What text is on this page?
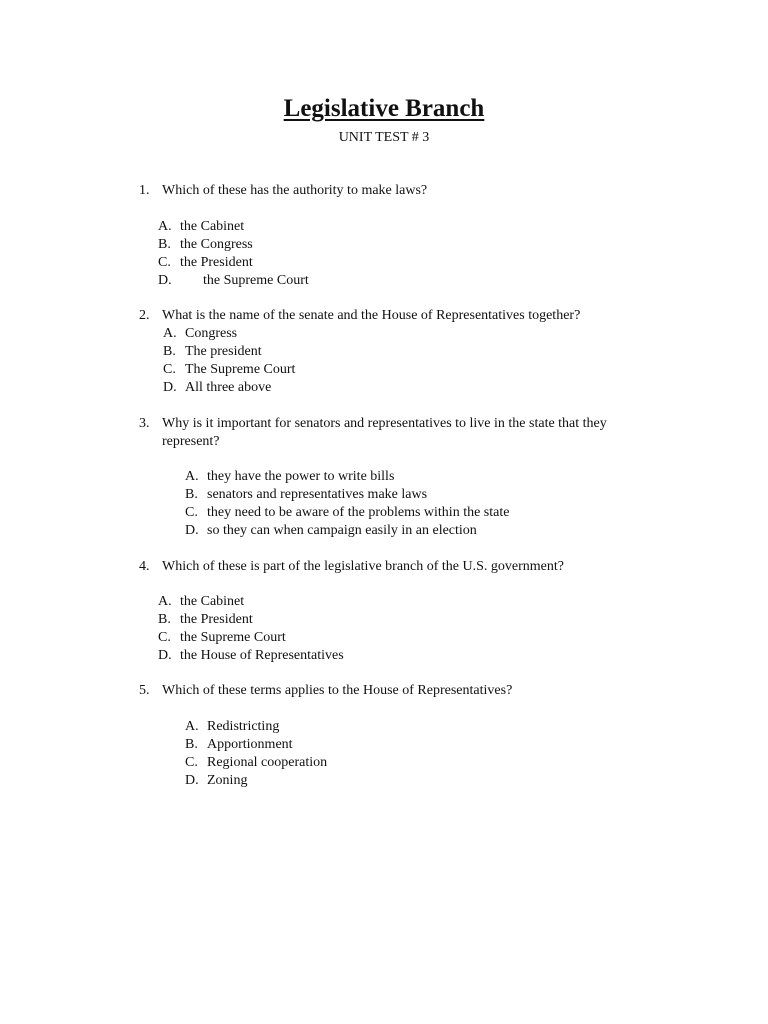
Legislative Branch
UNIT TEST # 3
1. Which of these has the authority to make laws?
A. the Cabinet
B. the Congress
C. the President
D. the Supreme Court
2. What is the name of the senate and the House of Representatives together?
A. Congress
B. The president
C. The Supreme Court
D. All three above
3. Why is it important for senators and representatives to live in the state that they
represent?
A. they have the power to write bills
B. senators and representatives make laws
C. they need to be aware of the problems within the state
D. so they can when campaign easily in an election
4. Which of these is part of the legislative branch of the U.S. government?
A. the Cabinet
B. the President
C. the Supreme Court
D. the House of Representatives
5. Which of these terms applies to the House of Representatives?
A. Redistricting
B. Apportionment
C. Regional cooperation
D. Zoning
